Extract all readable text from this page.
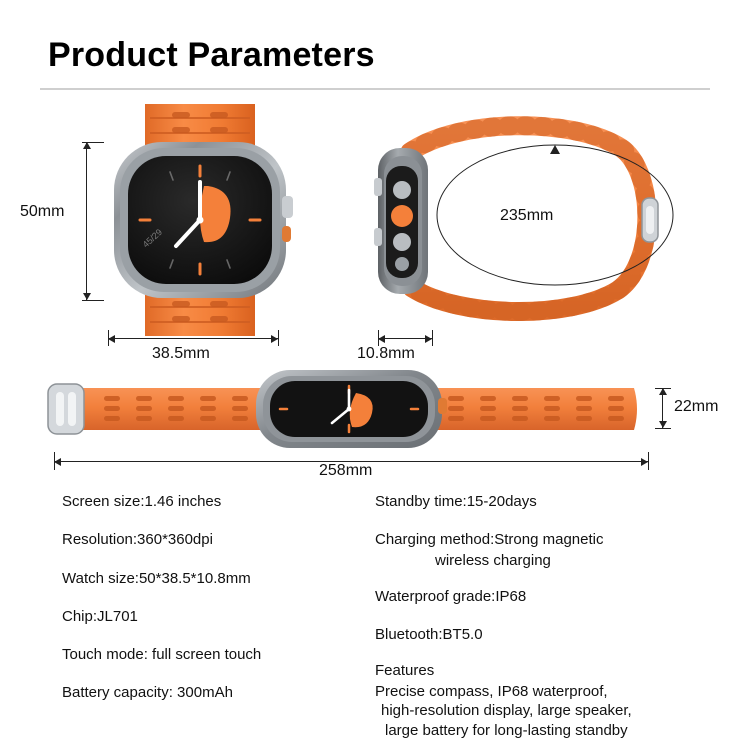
Product Parameters
45/29
50mm
38.5mm
235mm
10.8mm
258mm
22mm
Screen size:1.46 inches
Resolution:360*360dpi
Watch size:50*38.5*10.8mm
Chip:JL701
Touch mode: full screen touch
Battery capacity: 300mAh
Standby time:15-20days
Charging method:Strong magnetic
wireless charging
Waterproof grade:IP68
Bluetooth:BT5.0
Features
Precise compass, IP68 waterproof,
high-resolution display, large speaker,
large battery for long-lasting standby
